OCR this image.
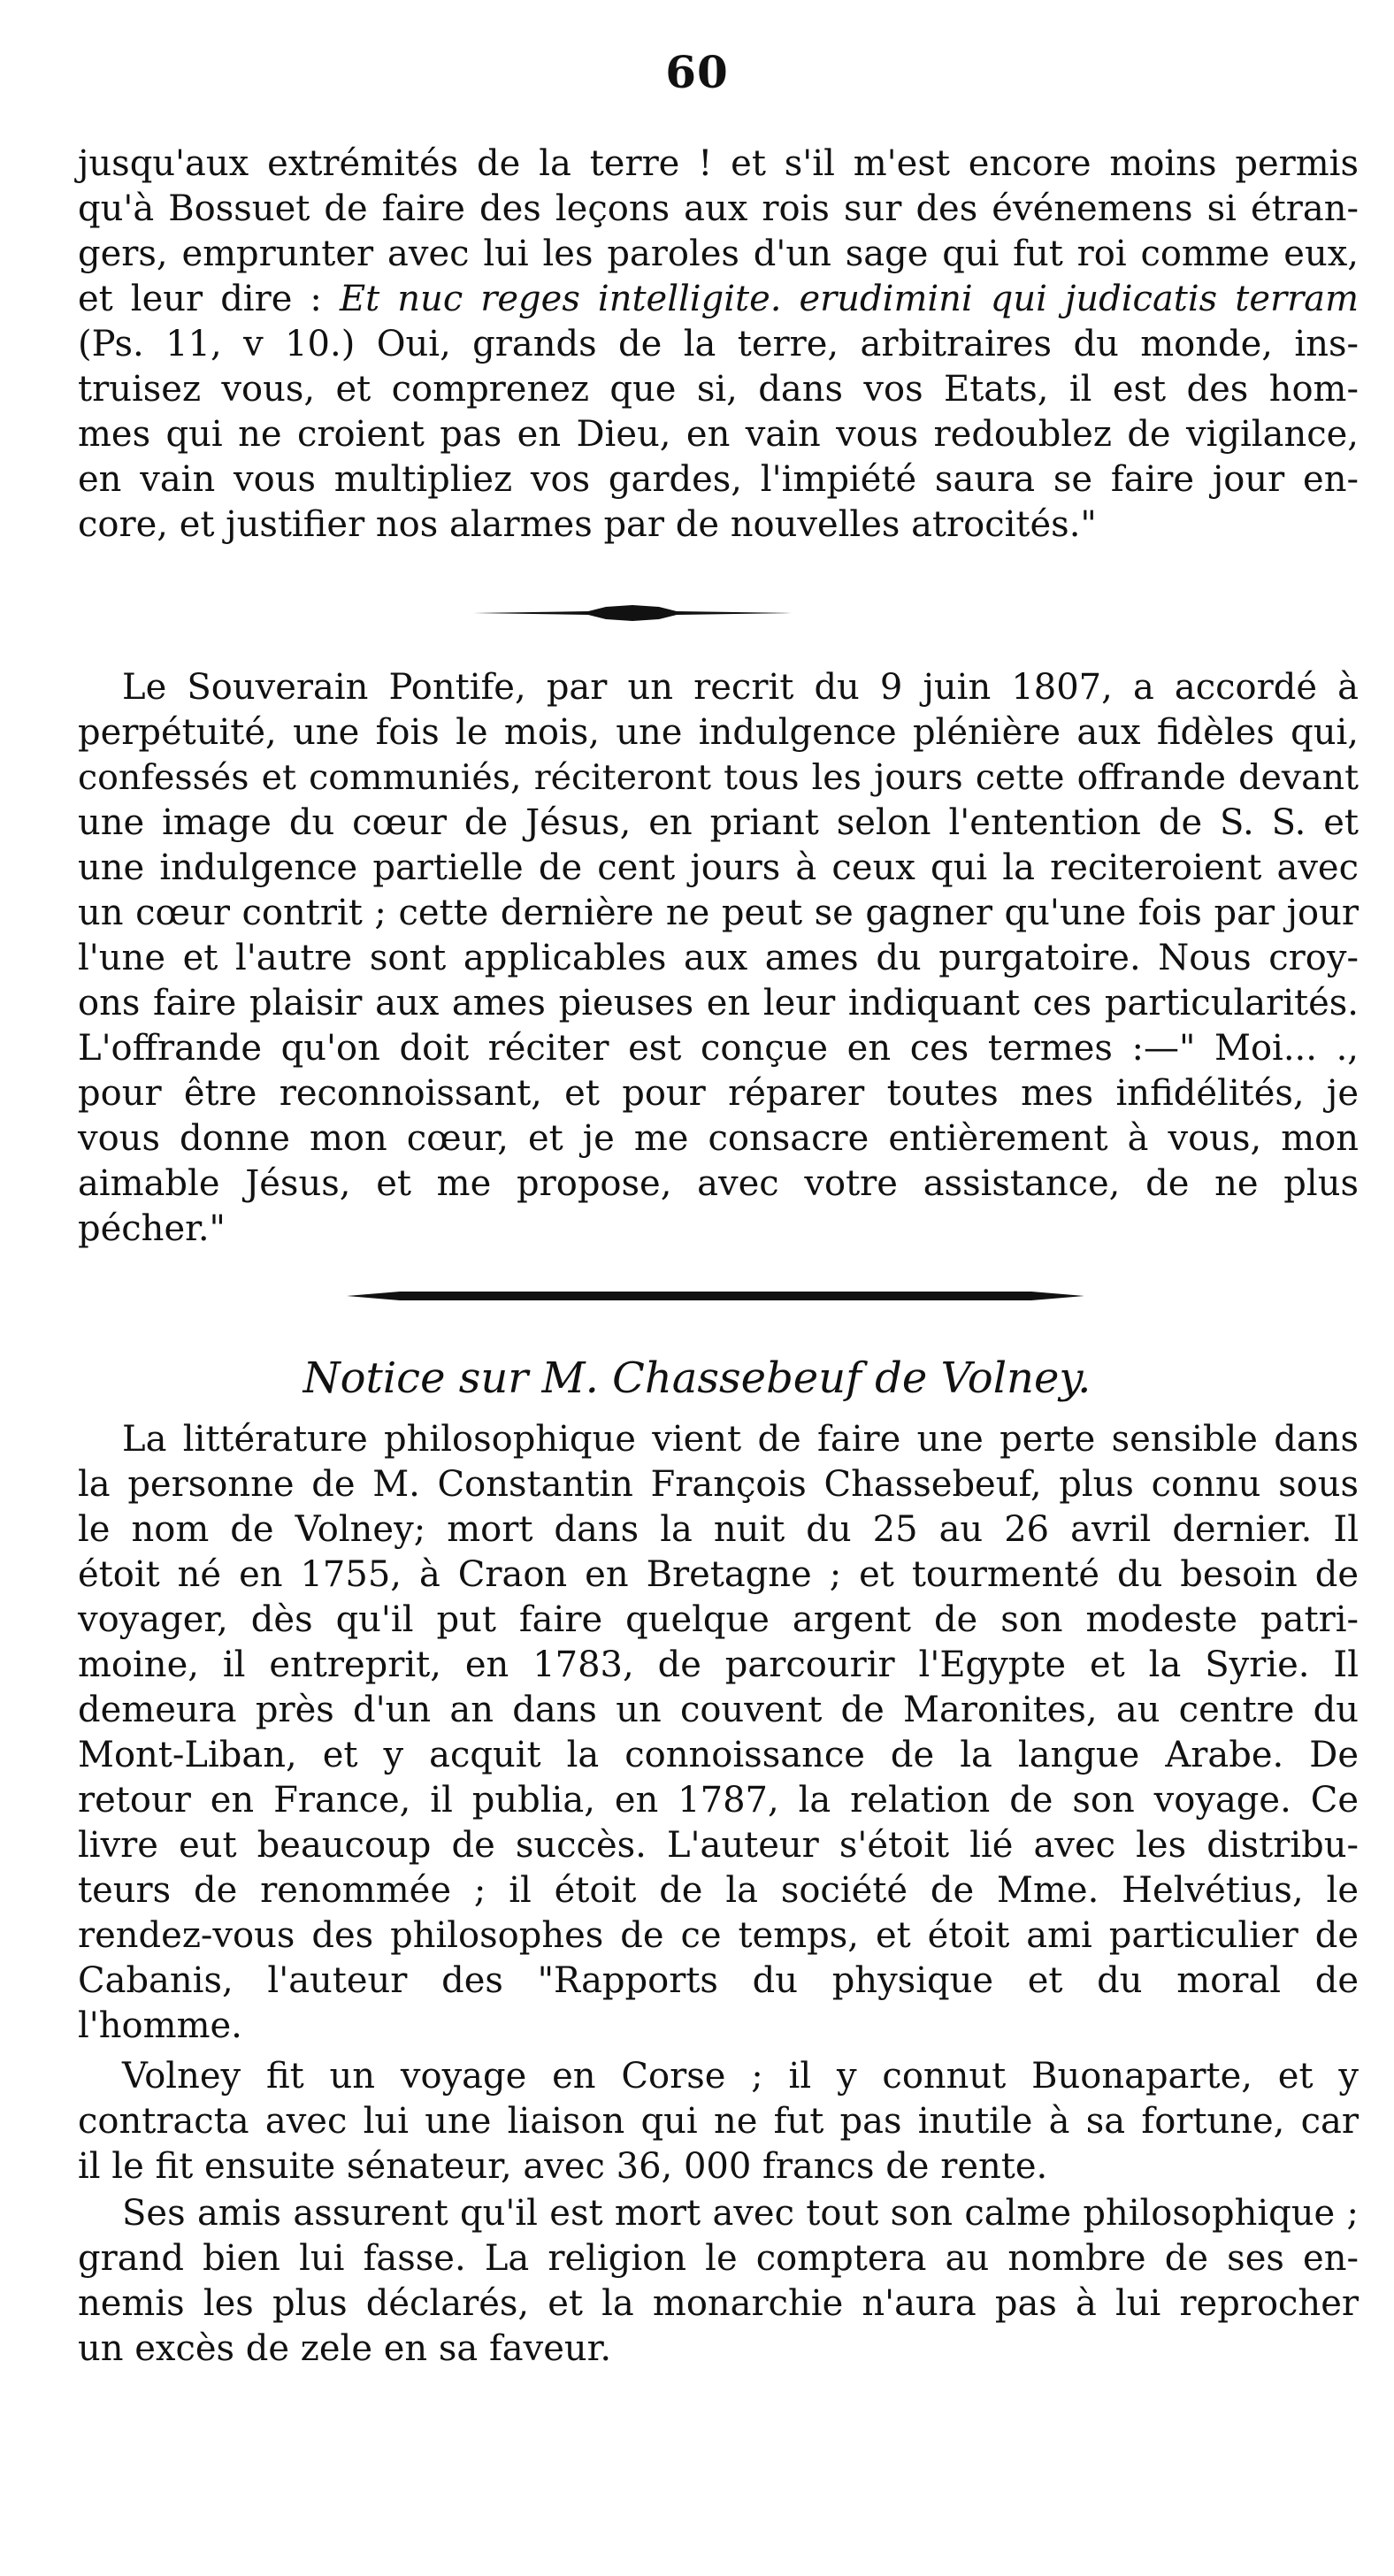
60
jusqu'aux extrémités de la terre ! et s'il m'est encore moins permis
qu'à Bossuet de faire des leçons aux rois sur des événemens si étran-
gers, emprunter avec lui les paroles d'un sage qui fut roi comme eux,
et leur dire : Et nuc reges intelligite. erudimini qui judicatis terram
(Ps. 11, v 10.) Oui, grands de la terre, arbitraires du monde, ins-
truisez vous, et comprenez que si, dans vos Etats, il est des hom-
mes qui ne croient pas en Dieu, en vain vous redoublez de vigilance,
en vain vous multipliez vos gardes, l'impiété saura se faire jour en-
core, et justifier nos alarmes par de nouvelles atrocités."
Le Souverain Pontife, par un recrit du 9 juin 1807, a accordé à
perpétuité, une fois le mois, une indulgence plénière aux fidèles qui,
confessés et communiés, réciteront tous les jours cette offrande devant
une image du cœur de Jésus, en priant selon l'entention de S. S. et
une indulgence partielle de cent jours à ceux qui la reciteroient avec
un cœur contrit ; cette dernière ne peut se gagner qu'une fois par jour
l'une et l'autre sont applicables aux ames du purgatoire. Nous croy-
ons faire plaisir aux ames pieuses en leur indiquant ces particularités.
L'offrande qu'on doit réciter est conçue en ces termes :—" Moi... .,
pour être reconnoissant, et pour réparer toutes mes infidélités, je
vous donne mon cœur, et je me consacre entièrement à vous, mon
aimable Jésus, et me propose, avec votre assistance, de ne plus
pécher."
Notice sur M. Chassebeuf de Volney.
La littérature philosophique vient de faire une perte sensible dans
la personne de M. Constantin François Chassebeuf, plus connu sous
le nom de Volney; mort dans la nuit du 25 au 26 avril dernier. Il
étoit né en 1755, à Craon en Bretagne ; et tourmenté du besoin de
voyager, dès qu'il put faire quelque argent de son modeste patri-
moine, il entreprit, en 1783, de parcourir l'Egypte et la Syrie. Il
demeura près d'un an dans un couvent de Maronites, au centre du
Mont-Liban, et y acquit la connoissance de la langue Arabe. De
retour en France, il publia, en 1787, la relation de son voyage. Ce
livre eut beaucoup de succès. L'auteur s'étoit lié avec les distribu-
teurs de renommée ; il étoit de la société de Mme. Helvétius, le
rendez-vous des philosophes de ce temps, et étoit ami particulier de
Cabanis, l'auteur des "Rapports du physique et du moral de
l'homme.
Volney fit un voyage en Corse ; il y connut Buonaparte, et y
contracta avec lui une liaison qui ne fut pas inutile à sa fortune, car
il le fit ensuite sénateur, avec 36, 000 francs de rente.
Ses amis assurent qu'il est mort avec tout son calme philosophique ;
grand bien lui fasse. La religion le comptera au nombre de ses en-
nemis les plus déclarés, et la monarchie n'aura pas à lui reprocher
un excès de zele en sa faveur.
